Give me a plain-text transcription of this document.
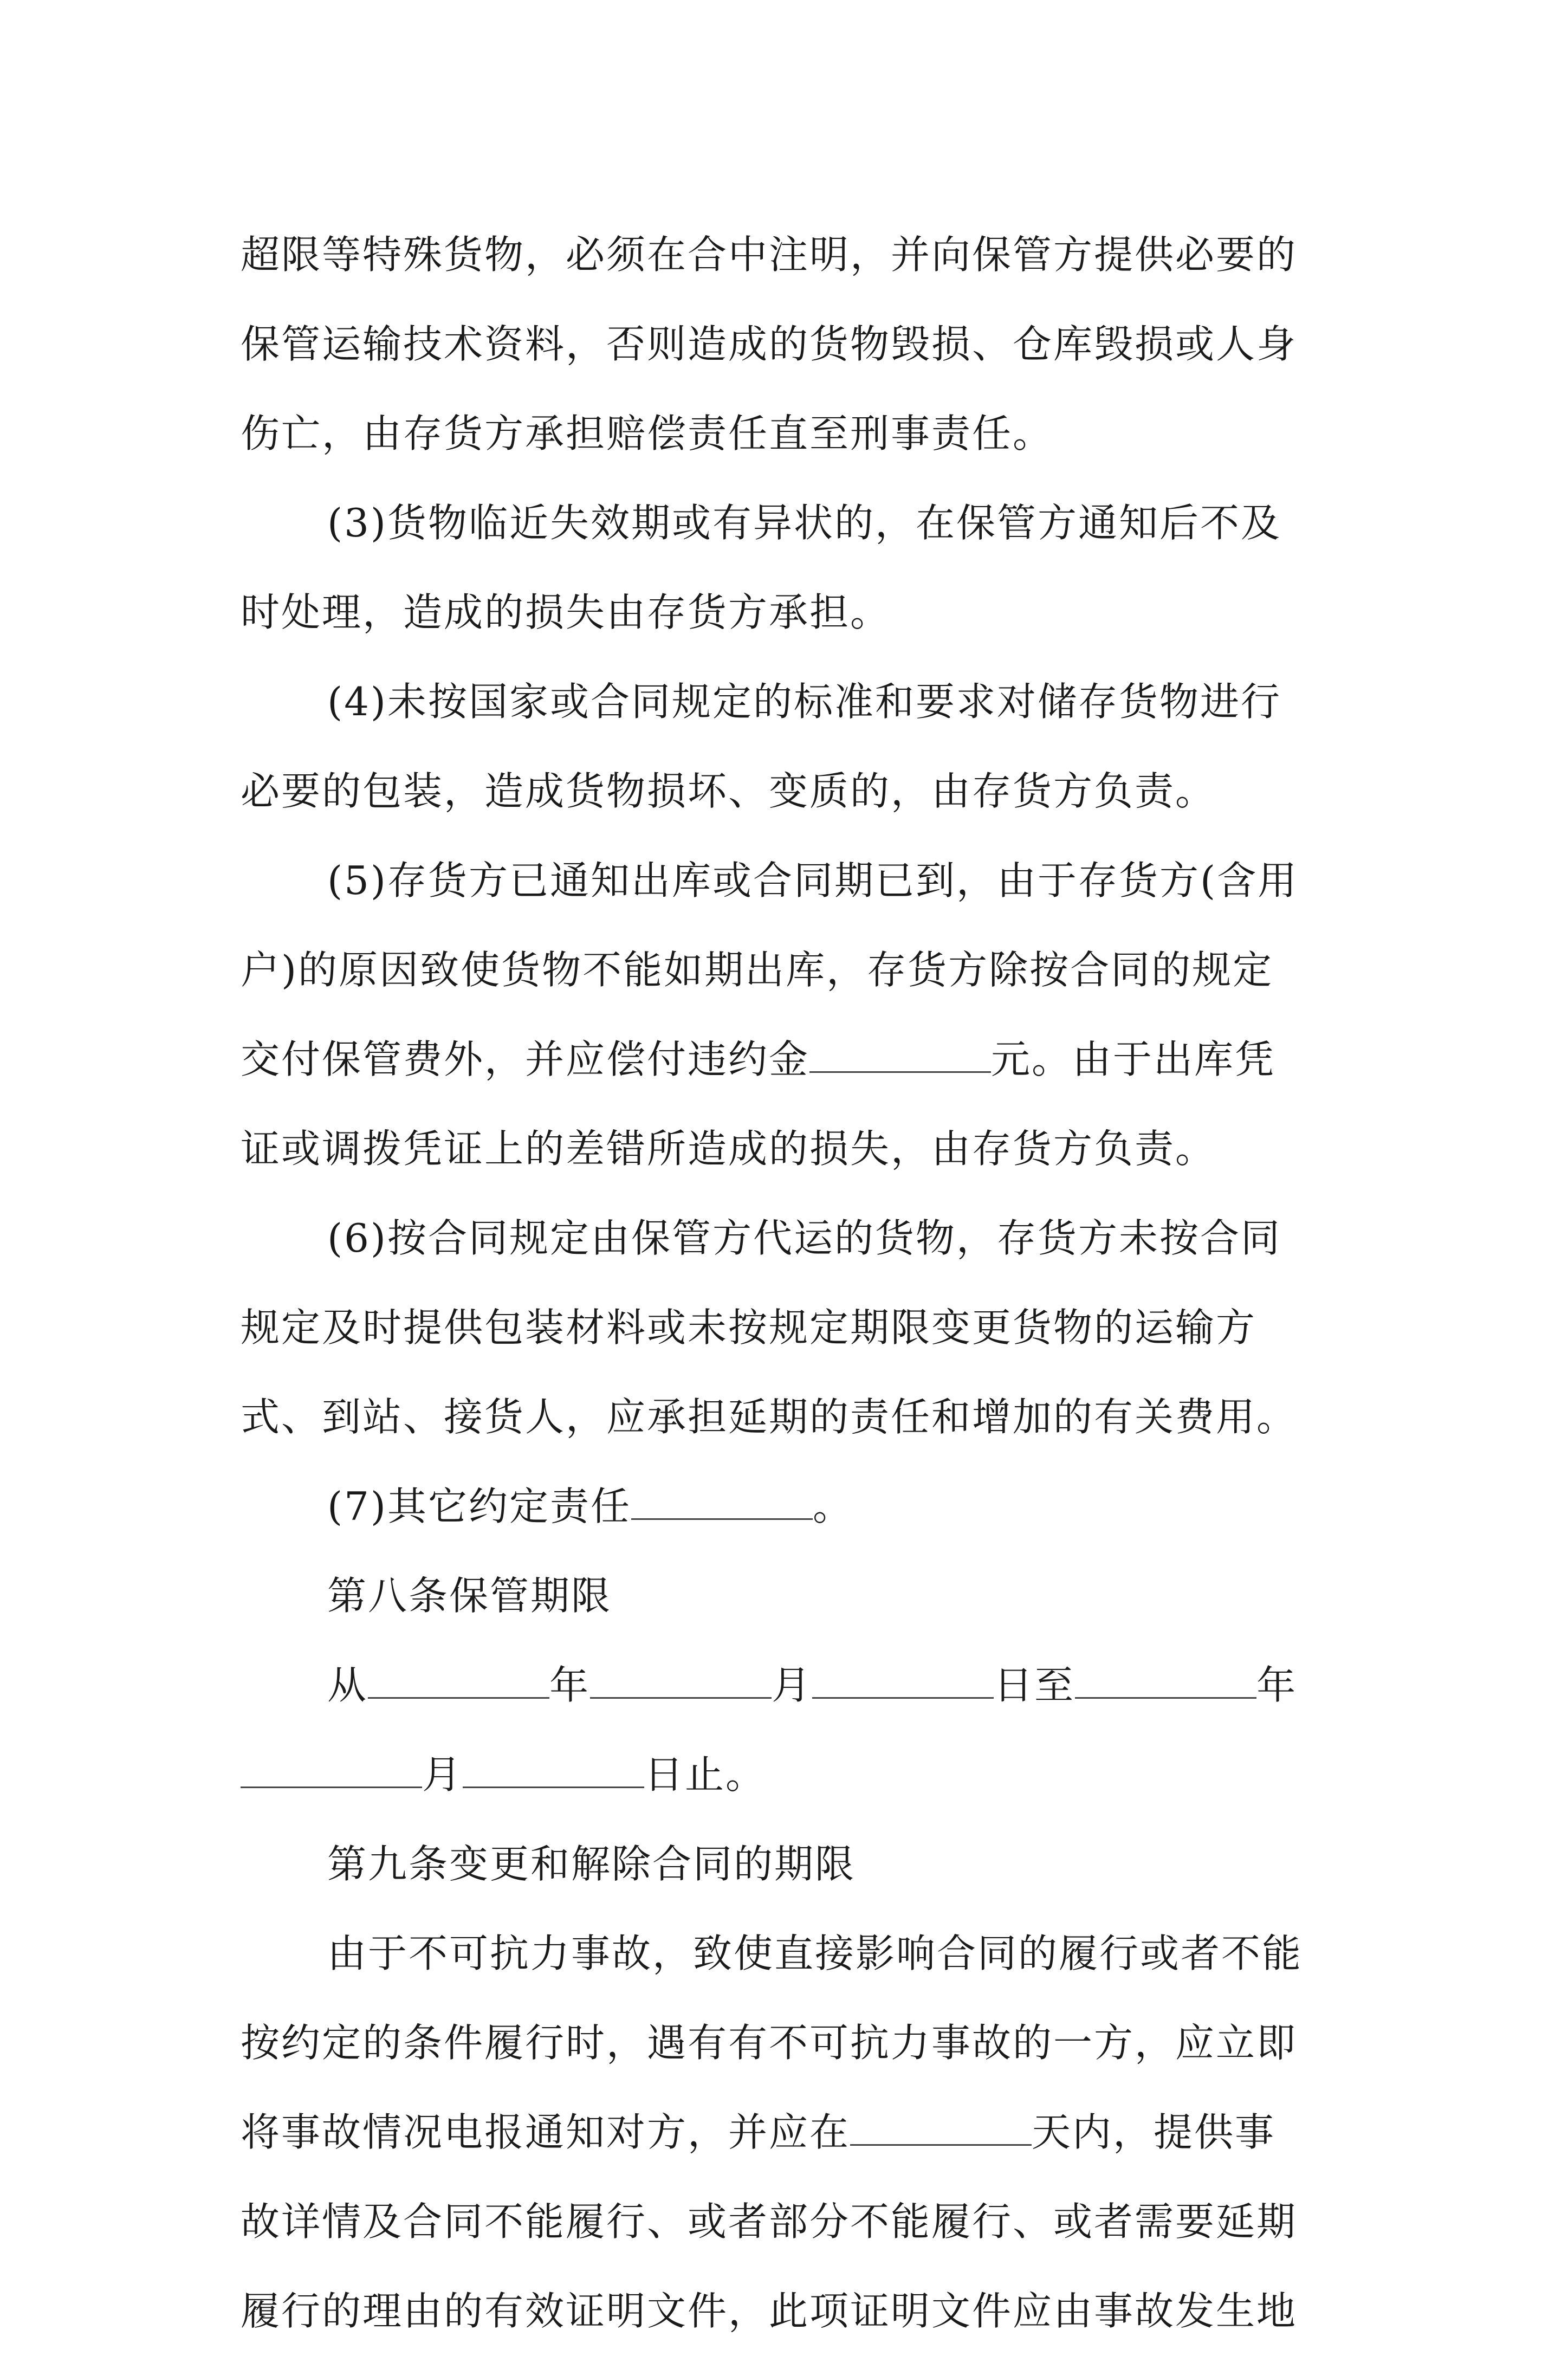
超限等特殊货物，必须在合中注明，并向保管方提供必要的
保管运输技术资料，否则造成的货物毁损、仓库毁损或人身
伤亡，由存货方承担赔偿责任直至刑事责任。
(3)货物临近失效期或有异状的，在保管方通知后不及
时处理，造成的损失由存货方承担。
(4)未按国家或合同规定的标准和要求对储存货物进行
必要的包装，造成货物损坏、变质的，由存货方负责。
(5)存货方已通知出库或合同期已到，由于存货方(含用
户)的原因致使货物不能如期出库，存货方除按合同的规定
交付保管费外，并应偿付违约金	元。由于出库凭
证或调拨凭证上的差错所造成的损失，由存货方负责。
(6)按合同规定由保管方代运的货物，存货方未按合同
规定及时提供包装材料或未按规定期限变更货物的运输方
式、到站、接货人，应承担延期的责任和增加的有关费用。
(7)其它约定责任	。
第八条保管期限
从	年	月	日至	年
月	日止。
第九条变更和解除合同的期限
由于不可抗力事故，致使直接影响合同的履行或者不能
按约定的条件履行时，遇有有不可抗力事故的一方，应立即
将事故情况电报通知对方，并应在	天内，提供事
故详情及合同不能履行、或者部分不能履行、或者需要延期
履行的理由的有效证明文件，此项证明文件应由事故发生地
